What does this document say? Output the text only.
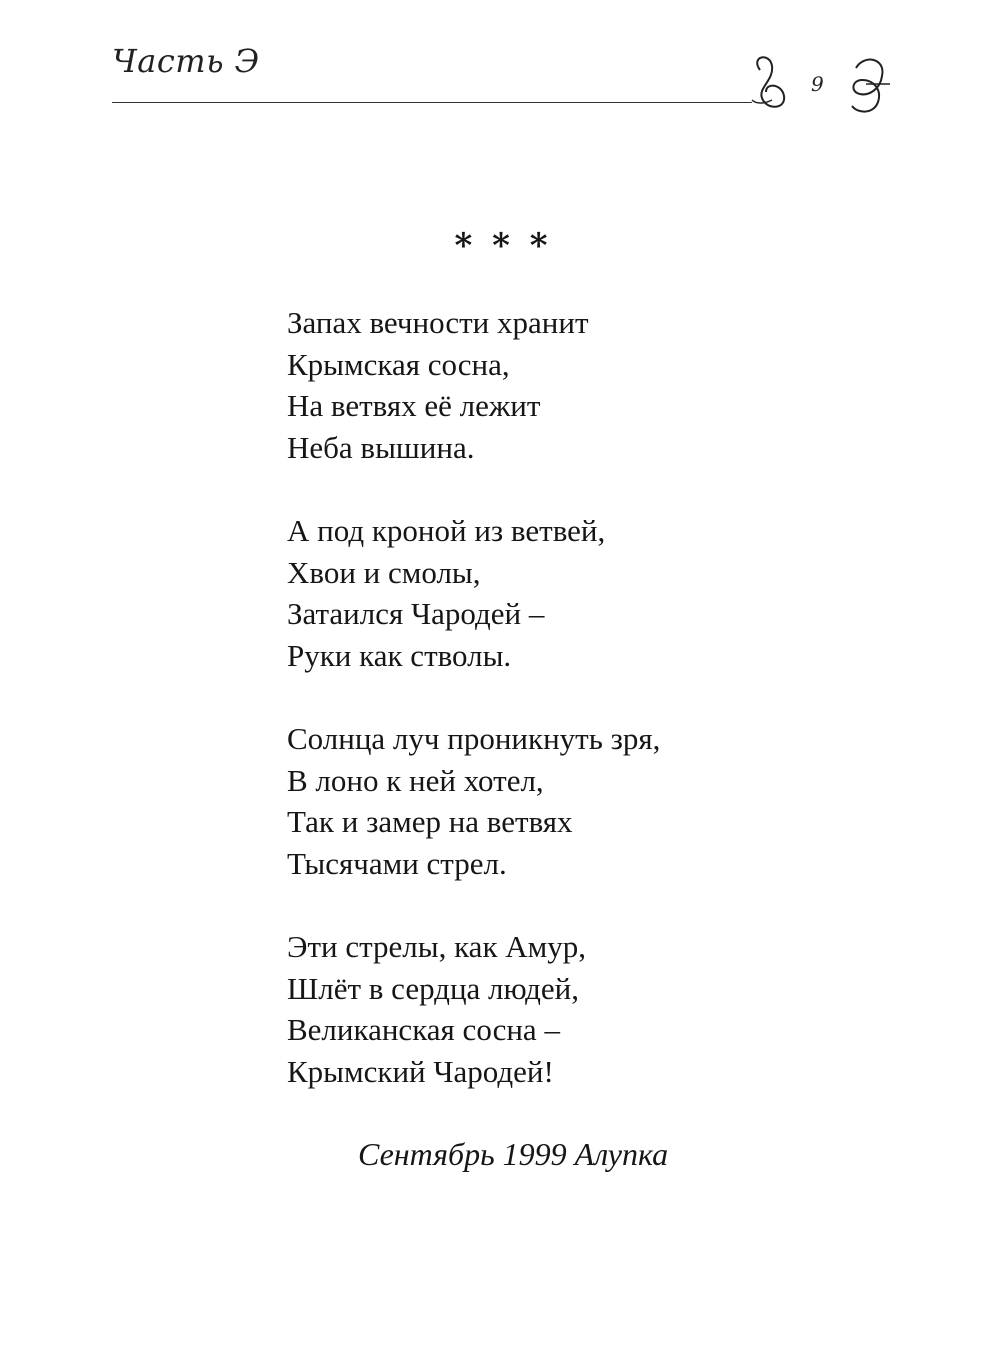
Часть Э
9
* * *
Запах вечности хранит
Крымская сосна,
На ветвях её лежит
Неба вышина.
А под кроной из ветвей,
Хвои и смолы,
Затаился Чародей –
Руки как стволы.
Солнца луч проникнуть зря,
В лоно к ней хотел,
Так и замер на ветвях
Тысячами стрел.
Эти стрелы, как Амур,
Шлёт в сердца людей,
Великанская сосна –
Крымский Чародей!
Сентябрь 1999 Алупка
